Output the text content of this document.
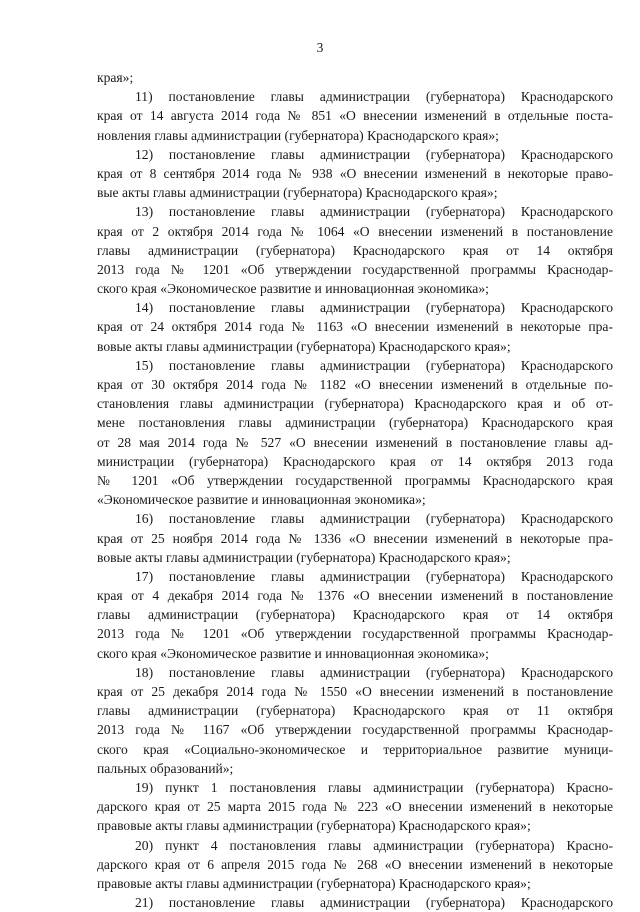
3
края»;
11) постановление главы администрации (губернатора) Краснодарского
края от 14 августа 2014 года № 851 «О внесении изменений в отдельные поста-
новления главы администрации (губернатора) Краснодарского края»;
12) постановление главы администрации (губернатора) Краснодарского
края от 8 сентября 2014 года № 938 «О внесении изменений в некоторые право-
вые акты главы администрации (губернатора) Краснодарского края»;
13) постановление главы администрации (губернатора) Краснодарского
края от 2 октября 2014 года № 1064 «О внесении изменений в постановление
главы администрации (губернатора) Краснодарского края от 14 октября
2013 года № 1201 «Об утверждении государственной программы Краснодар-
ского края «Экономическое развитие и инновационная экономика»;
14) постановление главы администрации (губернатора) Краснодарского
края от 24 октября 2014 года № 1163 «О внесении изменений в некоторые пра-
вовые акты главы администрации (губернатора) Краснодарского края»;
15) постановление главы администрации (губернатора) Краснодарского
края от 30 октября 2014 года № 1182 «О внесении изменений в отдельные по-
становления главы администрации (губернатора) Краснодарского края и об от-
мене постановления главы администрации (губернатора) Краснодарского края
от 28 мая 2014 года № 527 «О внесении изменений в постановление главы ад-
министрации (губернатора) Краснодарского края от 14 октября 2013 года
№ 1201 «Об утверждении государственной программы Краснодарского края
«Экономическое развитие и инновационная экономика»;
16) постановление главы администрации (губернатора) Краснодарского
края от 25 ноября 2014 года № 1336 «О внесении изменений в некоторые пра-
вовые акты главы администрации (губернатора) Краснодарского края»;
17) постановление главы администрации (губернатора) Краснодарского
края от 4 декабря 2014 года № 1376 «О внесении изменений в постановление
главы администрации (губернатора) Краснодарского края от 14 октября
2013 года № 1201 «Об утверждении государственной программы Краснодар-
ского края «Экономическое развитие и инновационная экономика»;
18) постановление главы администрации (губернатора) Краснодарского
края от 25 декабря 2014 года № 1550 «О внесении изменений в постановление
главы администрации (губернатора) Краснодарского края от 11 октября
2013 года № 1167 «Об утверждении государственной программы Краснодар-
ского края «Социально-экономическое и территориальное развитие муници-
пальных образований»;
19) пункт 1 постановления главы администрации (губернатора) Красно-
дарского края от 25 марта 2015 года № 223 «О внесении изменений в некоторые
правовые акты главы администрации (губернатора) Краснодарского края»;
20) пункт 4 постановления главы администрации (губернатора) Красно-
дарского края от 6 апреля 2015 года № 268 «О внесении изменений в некоторые
правовые акты главы администрации (губернатора) Краснодарского края»;
21) постановление главы администрации (губернатора) Краснодарского
